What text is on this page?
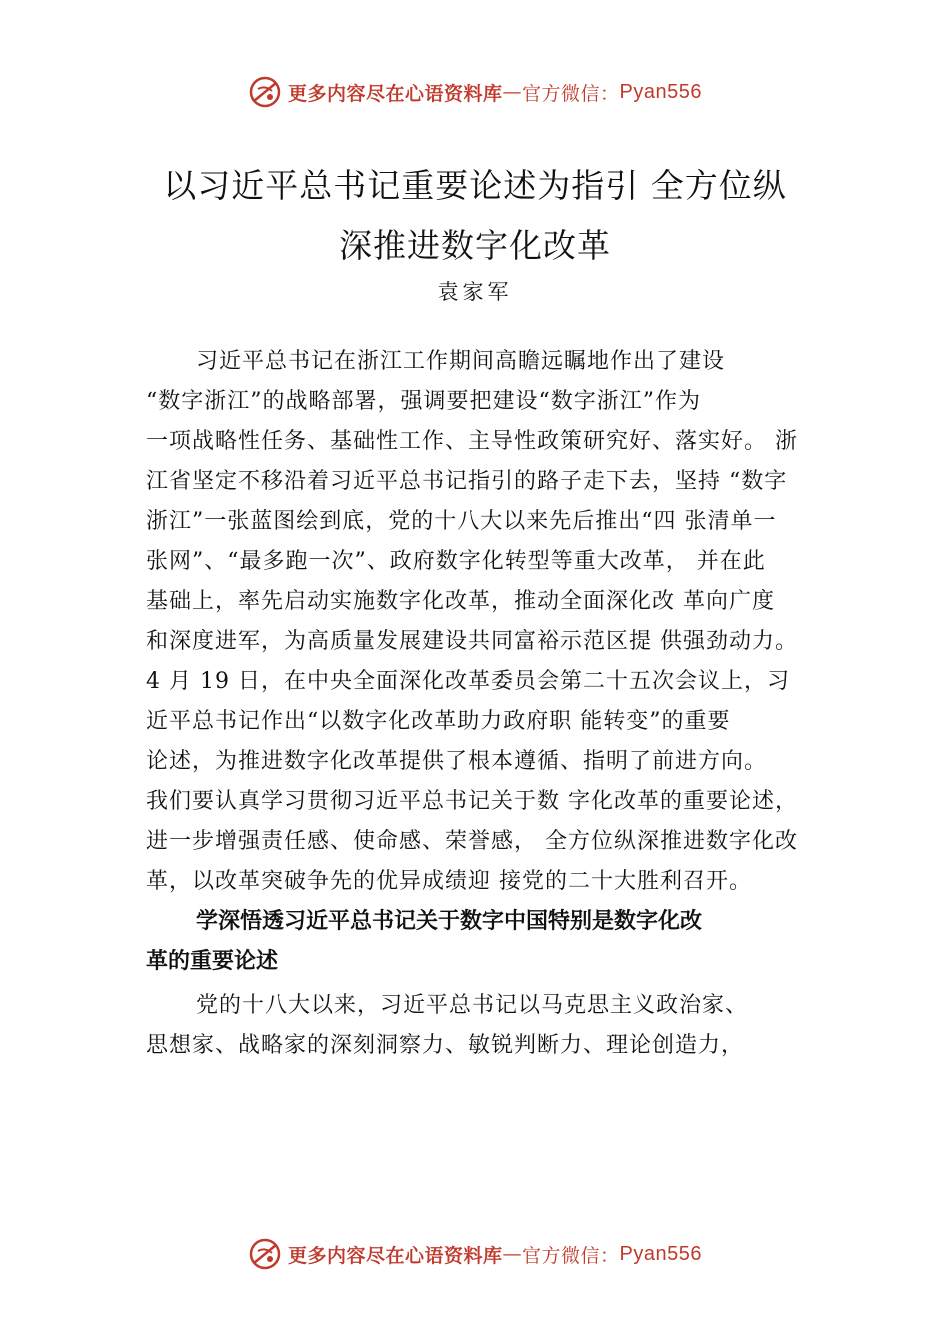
更多内容尽在心语资料库 — 官方微信： Pyan556
以习近平总书记重要论述为指引 全方位纵
深推进数字化改革
袁家军
习近平总书记在浙江工作期间高瞻远瞩地作出了建设
“数字浙江”的战略部署，强调要把建设“数字浙江”作为
一项战略性任务、基础性工作、主导性政策研究好、落实好。 浙
江省坚定不移沿着习近平总书记指引的路子走下去，坚持 “数字
浙江”一张蓝图绘到底，党的十八大以来先后推出“四 张清单一
张网”、“最多跑一次”、政府数字化转型等重大改革， 并在此
基础上，率先启动实施数字化改革，推动全面深化改 革向广度
和深度进军，为高质量发展建设共同富裕示范区提 供强劲动力。
4 月 19 日，在中央全面深化改革委员会第二十五次会议上，习
近平总书记作出“以数字化改革助力政府职 能转变”的重要
论述，为推进数字化改革提供了根本遵循、指明了前进方向。
我们要认真学习贯彻习近平总书记关于数 字化改革的重要论述，
进一步增强责任感、使命感、荣誉感， 全方位纵深推进数字化改
革，以改革突破争先的优异成绩迎 接党的二十大胜利召开。
学深悟透习近平总书记关于数字中国特别是数字化改
革的重要论述
党的十八大以来，习近平总书记以马克思主义政治家、
思想家、战略家的深刻洞察力、敏锐判断力、理论创造力，
更多内容尽在心语资料库 — 官方微信： Pyan556
